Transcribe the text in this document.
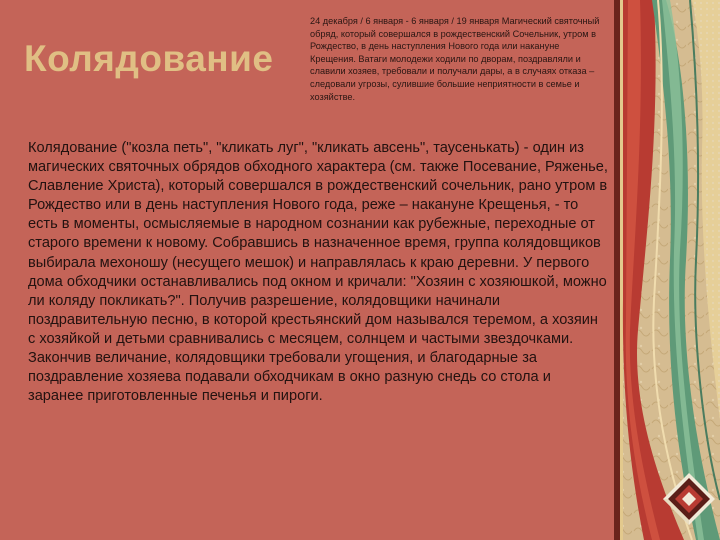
Колядование
24 декабря / 6 января - 6 января / 19 января Магический святочный обряд, который совершался в рождественский Сочельник, утром в Рождество, в день наступления Нового года или накануне Крещения. Ватаги молодежи ходили по дворам, поздравляли и славили хозяев, требовали и получали дары, а в случаях отказа – следовали угрозы, сулившие большие неприятности в семье и хозяйстве.
Колядование ("козла петь", "кликать луг", "кликать авсень", таусенькать) - один из магических святочных обрядов обходного характера (см. также Посевание, Ряженье, Славление Христа), который совершался в рождественский сочельник, рано утром в Рождество или в день наступления Нового года, реже – накануне Крещенья, - то есть в моменты, осмысляемые в народном сознании как рубежные, переходные от старого времени к новому. Собравшись в назначенное время, группа колядовщиков выбирала мехоношу (несущего мешок) и направлялась к краю деревни. У первого дома обходчики останавливались под окном и кричали: "Хозяин с хозяюшкой, можно ли коляду покликать?". Получив разрешение, колядовщики начинали поздравительную песню, в которой крестьянский дом назывался теремом, а хозяин с хозяйкой и детьми сравнивались с месяцем, солнцем и частыми звездочками. Закончив величание, колядовщики требовали угощения, и благодарные за поздравление хозяева подавали обходчикам в окно разную снедь со стола и заранее приготовленные печенья и пироги.
